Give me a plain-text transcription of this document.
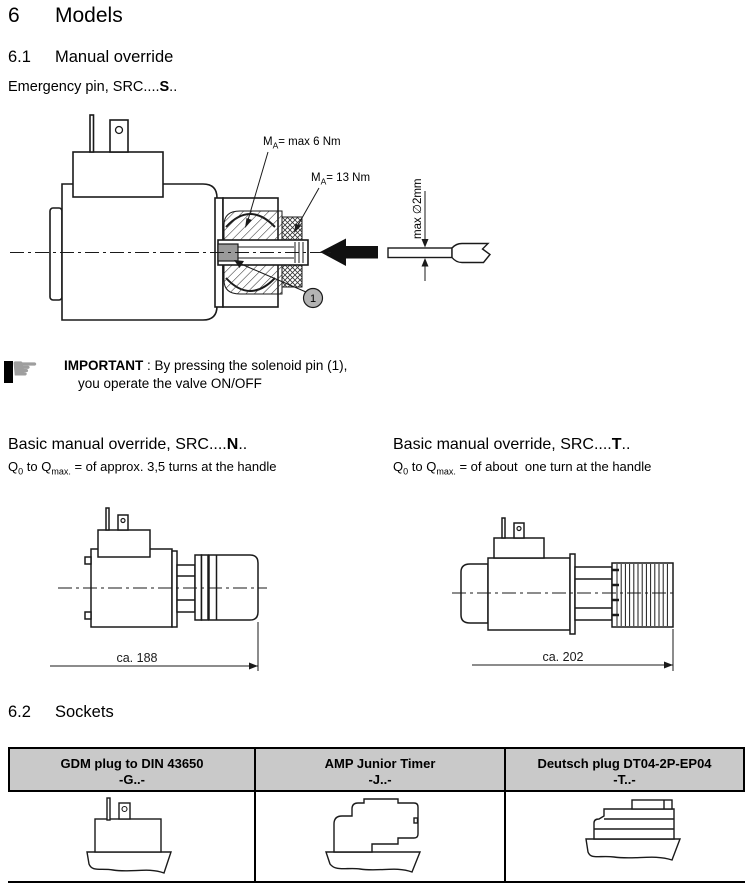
6 Models
6.1 Manual override
Emergency pin, SRC....S..
1
$M_A= \max 6$ Nm
$M_A= 13$ Nm
max ∅2mm
☛ IMPORTANT : By pressing the solenoid pin (1),
you operate the valve ON/OFF
Basic manual override, SRC....N..
$Q_0$ to $Q_{max.}$ = of approx. 3,5 turns at the handle
Basic manual override, SRC....T..
$Q_0$ to $Q_{max.}$ = of about  one turn at the handle
ca. 188	ca. 202
6.2 Sockets
GDM plug to DIN 43650
-G..-
AMP Junior Timer
-J..-
Deutsch plug DT04-2P-EP04
-T..-
